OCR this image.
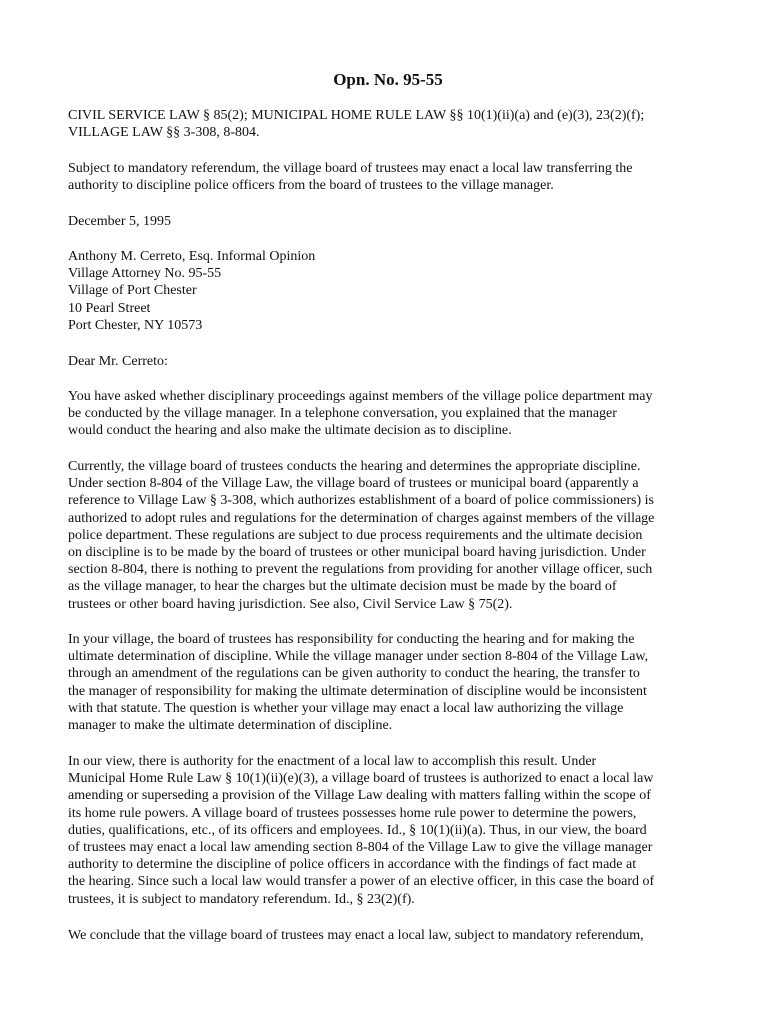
Opn. No. 95-55

CIVIL SERVICE LAW § 85(2); MUNICIPAL HOME RULE LAW §§ 10(1)(ii)(a) and (e)(3), 23(2)(f);
VILLAGE LAW §§ 3-308, 8-804.

Subject to mandatory referendum, the village board of trustees may enact a local law transferring the
authority to discipline police officers from the board of trustees to the village manager.

December 5, 1995

Anthony M. Cerreto, Esq. Informal Opinion
Village Attorney No. 95-55
Village of Port Chester
10 Pearl Street
Port Chester, NY 10573

Dear Mr. Cerreto:

You have asked whether disciplinary proceedings against members of the village police department may
be conducted by the village manager. In a telephone conversation, you explained that the manager
would conduct the hearing and also make the ultimate decision as to discipline.

Currently, the village board of trustees conducts the hearing and determines the appropriate discipline.
Under section 8-804 of the Village Law, the village board of trustees or municipal board (apparently a
reference to Village Law § 3-308, which authorizes establishment of a board of police commissioners) is
authorized to adopt rules and regulations for the determination of charges against members of the village
police department. These regulations are subject to due process requirements and the ultimate decision
on discipline is to be made by the board of trustees or other municipal board having jurisdiction. Under
section 8-804, there is nothing to prevent the regulations from providing for another village officer, such
as the village manager, to hear the charges but the ultimate decision must be made by the board of
trustees or other board having jurisdiction. See also, Civil Service Law § 75(2).

In your village, the board of trustees has responsibility for conducting the hearing and for making the
ultimate determination of discipline. While the village manager under section 8-804 of the Village Law,
through an amendment of the regulations can be given authority to conduct the hearing, the transfer to
the manager of responsibility for making the ultimate determination of discipline would be inconsistent
with that statute. The question is whether your village may enact a local law authorizing the village
manager to make the ultimate determination of discipline.

In our view, there is authority for the enactment of a local law to accomplish this result. Under
Municipal Home Rule Law § 10(1)(ii)(e)(3), a village board of trustees is authorized to enact a local law
amending or superseding a provision of the Village Law dealing with matters falling within the scope of
its home rule powers. A village board of trustees possesses home rule power to determine the powers,
duties, qualifications, etc., of its officers and employees. Id., § 10(1)(ii)(a). Thus, in our view, the board
of trustees may enact a local law amending section 8-804 of the Village Law to give the village manager
authority to determine the discipline of police officers in accordance with the findings of fact made at
the hearing. Since such a local law would transfer a power of an elective officer, in this case the board of
trustees, it is subject to mandatory referendum. Id., § 23(2)(f).

We conclude that the village board of trustees may enact a local law, subject to mandatory referendum,
